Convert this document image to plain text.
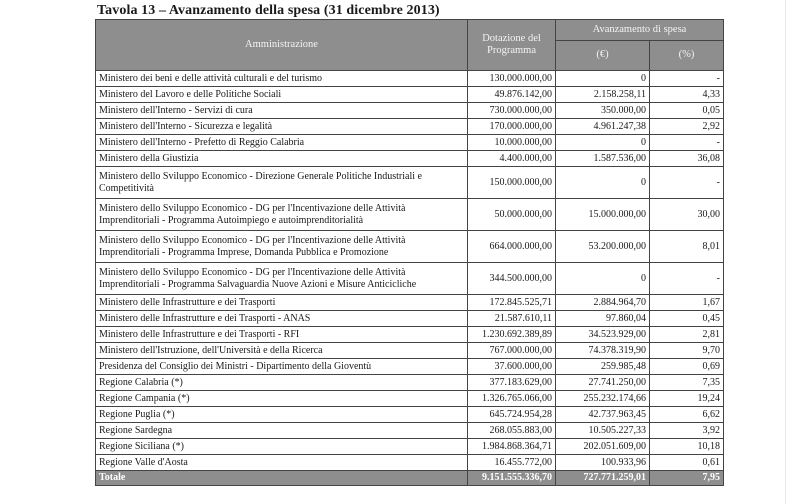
Tavola 13 – Avanzamento della spesa (31 dicembre 2013)
Amministrazione	Dotazione del Programma	Avanzamento di spesa	
		(€)	(%)
Ministero dei beni e delle attività culturali e del turismo	130.000.000,00	0	-
Ministero del Lavoro e delle Politiche Sociali	49.876.142,00	2.158.258,11	4,33
Ministero dell'Interno - Servizi di cura	730.000.000,00	350.000,00	0,05
Ministero dell'Interno - Sicurezza e legalità	170.000.000,00	4.961.247,38	2,92
Ministero dell'Interno - Prefetto di Reggio Calabria	10.000.000,00	0	-
Ministero della Giustizia	4.400.000,00	1.587.536,00	36,08
Ministero dello Sviluppo Economico - Direzione Generale Politiche Industriali e Competitività	150.000.000,00	0	-
Ministero dello Sviluppo Economico - DG per l'Incentivazione delle Attività Imprenditoriali - Programma Autoimpiego e autoimprenditorialità	50.000.000,00	15.000.000,00	30,00
Ministero dello Sviluppo Economico - DG per l'Incentivazione delle Attività Imprenditoriali - Programma Imprese, Domanda Pubblica e Promozione	664.000.000,00	53.200.000,00	8,01
Ministero dello Sviluppo Economico - DG per l'Incentivazione delle Attività Imprenditoriali - Programma Salvaguardia Nuove Azioni e Misure Anticicliche	344.500.000,00	0	-
Ministero delle Infrastrutture e dei Trasporti	172.845.525,71	2.884.964,70	1,67
Ministero delle Infrastrutture e dei Trasporti - ANAS	21.587.610,11	97.860,04	0,45
Ministero delle Infrastrutture e dei Trasporti - RFI	1.230.692.389,89	34.523.929,00	2,81
Ministero dell'Istruzione, dell'Università e della Ricerca	767.000.000,00	74.378.319,90	9,70
Presidenza del Consiglio dei Ministri - Dipartimento della Gioventù	37.600.000,00	259.985,48	0,69
Regione Calabria (*)	377.183.629,00	27.741.250,00	7,35
Regione Campania (*)	1.326.765.066,00	255.232.174,66	19,24
Regione Puglia (*)	645.724.954,28	42.737.963,45	6,62
Regione Sardegna	268.055.883,00	10.505.227,33	3,92
Regione Siciliana (*)	1.984.868.364,71	202.051.609,00	10,18
Regione Valle d'Aosta	16.455.772,00	100.933,96	0,61
Totale	9.151.555.336,70	727.771.259,01	7,95
